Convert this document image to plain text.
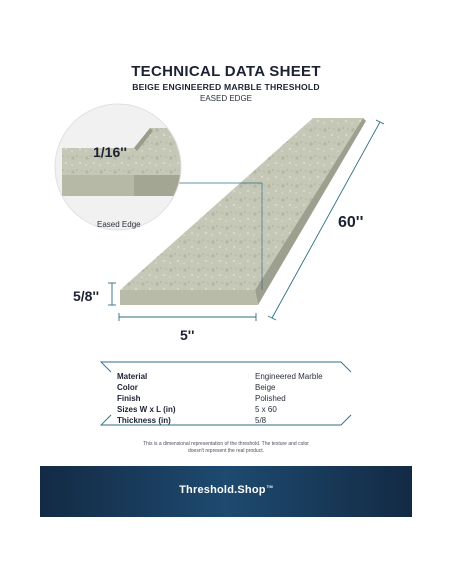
TECHNICAL DATA SHEET
BEIGE ENGINEERED MARBLE THRESHOLD
EASED EDGE
1/16''
Eased Edge	60''
5/8''
5''
Material	Engineered Marble
Color	Beige
Finish	Polished
Sizes W x L (in)	5 x 60
Thickness (in)	5/8
This is a dimensional representation of the threshold. The texture and color
doesn't represent the real product.
Threshold.Shop™
